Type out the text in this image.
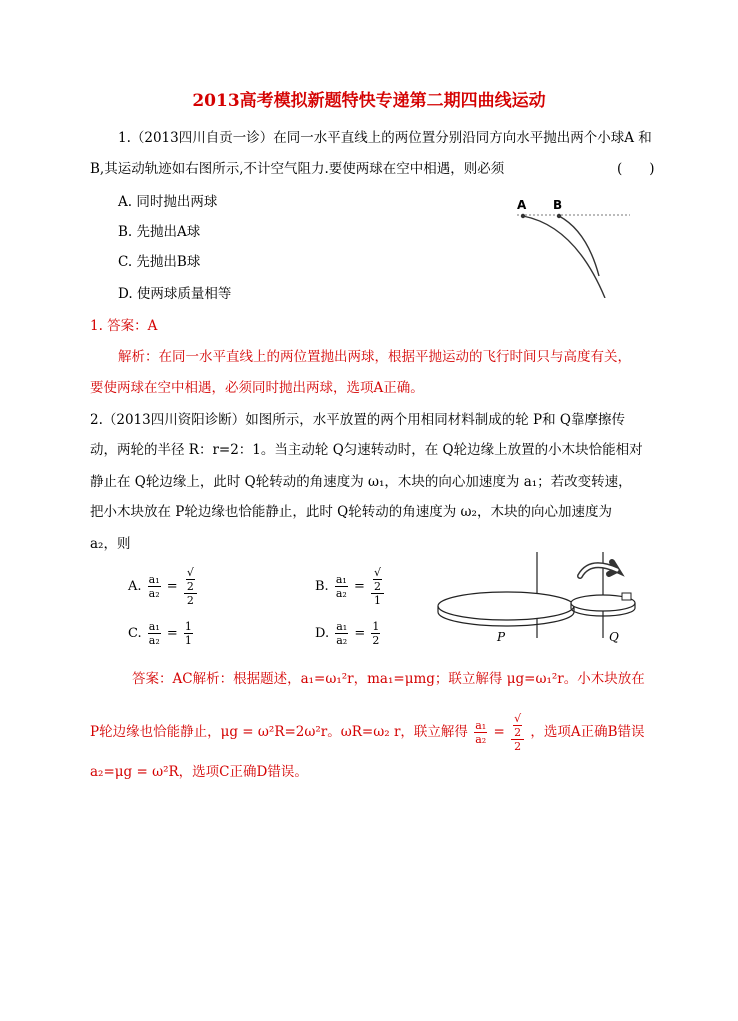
2013高考模拟新题特快专递第二期四曲线运动
1.（2013四川自贡一诊）在同一水平直线上的两位置分别沿同方向水平抛出两个小球A 和
B,其运动轨迹如右图所示,不计空气阻力.要使两球在空中相遇，则必须	(　　)
A. 同时抛出两球
B. 先抛出A球
C. 先抛出B球
D. 使两球质量相等
A B
1. 答案：A
解析：在同一水平直线上的两位置抛出两球，根据平抛运动的飞行时间只与高度有关，
要使两球在空中相遇，必须同时抛出两球，选项A正确。
2.（2013四川资阳诊断）如图所示，水平放置的两个用相同材料制成的轮 P和 Q靠摩擦传
动，两轮的半径 R：r=2：1。当主动轮 Q匀速转动时，在 Q轮边缘上放置的小木块恰能相对
静止在 Q轮边缘上，此时 Q轮转动的角速度为 ω₁，木块的向心加速度为 a₁；若改变转速，
把小木块放在 P轮边缘也恰能静止，此时 Q轮转动的角速度为 ω₂，木块的向心加速度为
a₂，则
A. $\frac{\text{a₁}}{\text{a₂}}$ = √
2
2	B. $\frac{\text{a₁}}{\text{a₂}}$ = √
2
1
C. $\frac{\text{a₁}}{\text{a₂}} = \frac{1}{1}$	D. $\frac{\text{a₁}}{\text{a₂}} = \frac{1}{2}$	P	Q
答案：AC解析：根据题述，a₁=ω₁²r，ma₁=μmg；联立解得 μg=ω₁²r。小木块放在
P轮边缘也恰能静止，μg = ω²R=2ω²r。ωR=ω₂ r，联立解得 $\frac{\text{a₁}}{\text{a₂}}$ = √
2
2 ，选项A正确B错误
a₂=μg = ω²R，选项C正确D错误。
